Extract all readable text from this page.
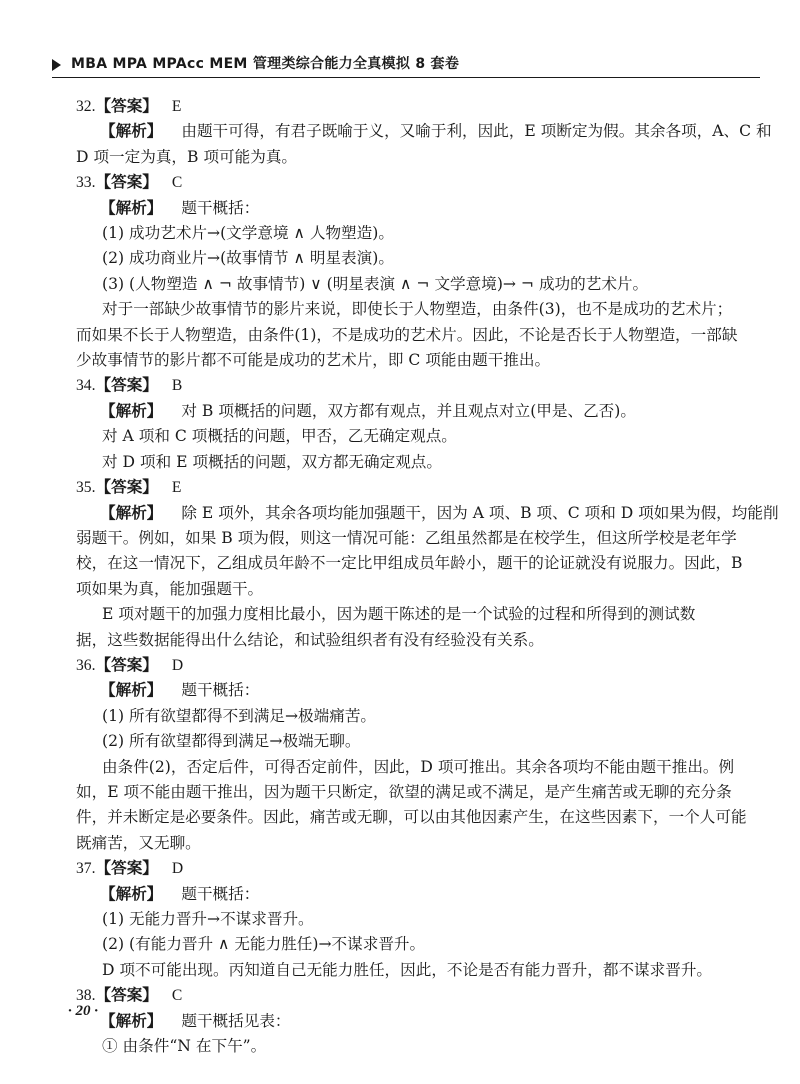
MBA MPA MPAcc MEM 管理类综合能力全真模拟 8 套卷
32. 【答案】 E
【解析】 由题干可得，有君子既喻于义，又喻于利，因此，E 项断定为假。其余各项，A、C 和
D 项一定为真，B 项可能为真。
33. 【答案】 C
【解析】 题干概括：
(1) 成功艺术片→(文学意境 ∧ 人物塑造)。
(2) 成功商业片→(故事情节 ∧ 明星表演)。
(3) (人物塑造 ∧ ¬ 故事情节) ∨ (明星表演 ∧ ¬ 文学意境)→ ¬ 成功的艺术片。
对于一部缺少故事情节的影片来说，即使长于人物塑造，由条件(3)，也不是成功的艺术片；
而如果不长于人物塑造，由条件(1)，不是成功的艺术片。因此，不论是否长于人物塑造，一部缺
少故事情节的影片都不可能是成功的艺术片，即 C 项能由题干推出。
34. 【答案】 B
【解析】 对 B 项概括的问题，双方都有观点，并且观点对立(甲是、乙否)。
对 A 项和 C 项概括的问题，甲否，乙无确定观点。
对 D 项和 E 项概括的问题，双方都无确定观点。
35. 【答案】 E
【解析】 除 E 项外，其余各项均能加强题干，因为 A 项、B 项、C 项和 D 项如果为假，均能削
弱题干。例如，如果 B 项为假，则这一情况可能：乙组虽然都是在校学生，但这所学校是老年学
校，在这一情况下，乙组成员年龄不一定比甲组成员年龄小，题干的论证就没有说服力。因此，B
项如果为真，能加强题干。
E 项对题干的加强力度相比最小，因为题干陈述的是一个试验的过程和所得到的测试数
据，这些数据能得出什么结论，和试验组织者有没有经验没有关系。
36. 【答案】 D
【解析】 题干概括：
(1) 所有欲望都得不到满足→极端痛苦。
(2) 所有欲望都得到满足→极端无聊。
由条件(2)，否定后件，可得否定前件，因此，D 项可推出。其余各项均不能由题干推出。例
如，E 项不能由题干推出，因为题干只断定，欲望的满足或不满足，是产生痛苦或无聊的充分条
件，并未断定是必要条件。因此，痛苦或无聊，可以由其他因素产生，在这些因素下，一个人可能
既痛苦，又无聊。
37. 【答案】 D
【解析】 题干概括：
(1) 无能力晋升→不谋求晋升。
(2) (有能力晋升 ∧ 无能力胜任)→不谋求晋升。
D 项不可能出现。丙知道自己无能力胜任，因此，不论是否有能力晋升，都不谋求晋升。
38. 【答案】 C
【解析】 题干概括见表：
① 由条件“N 在下午”。
· 20 ·
